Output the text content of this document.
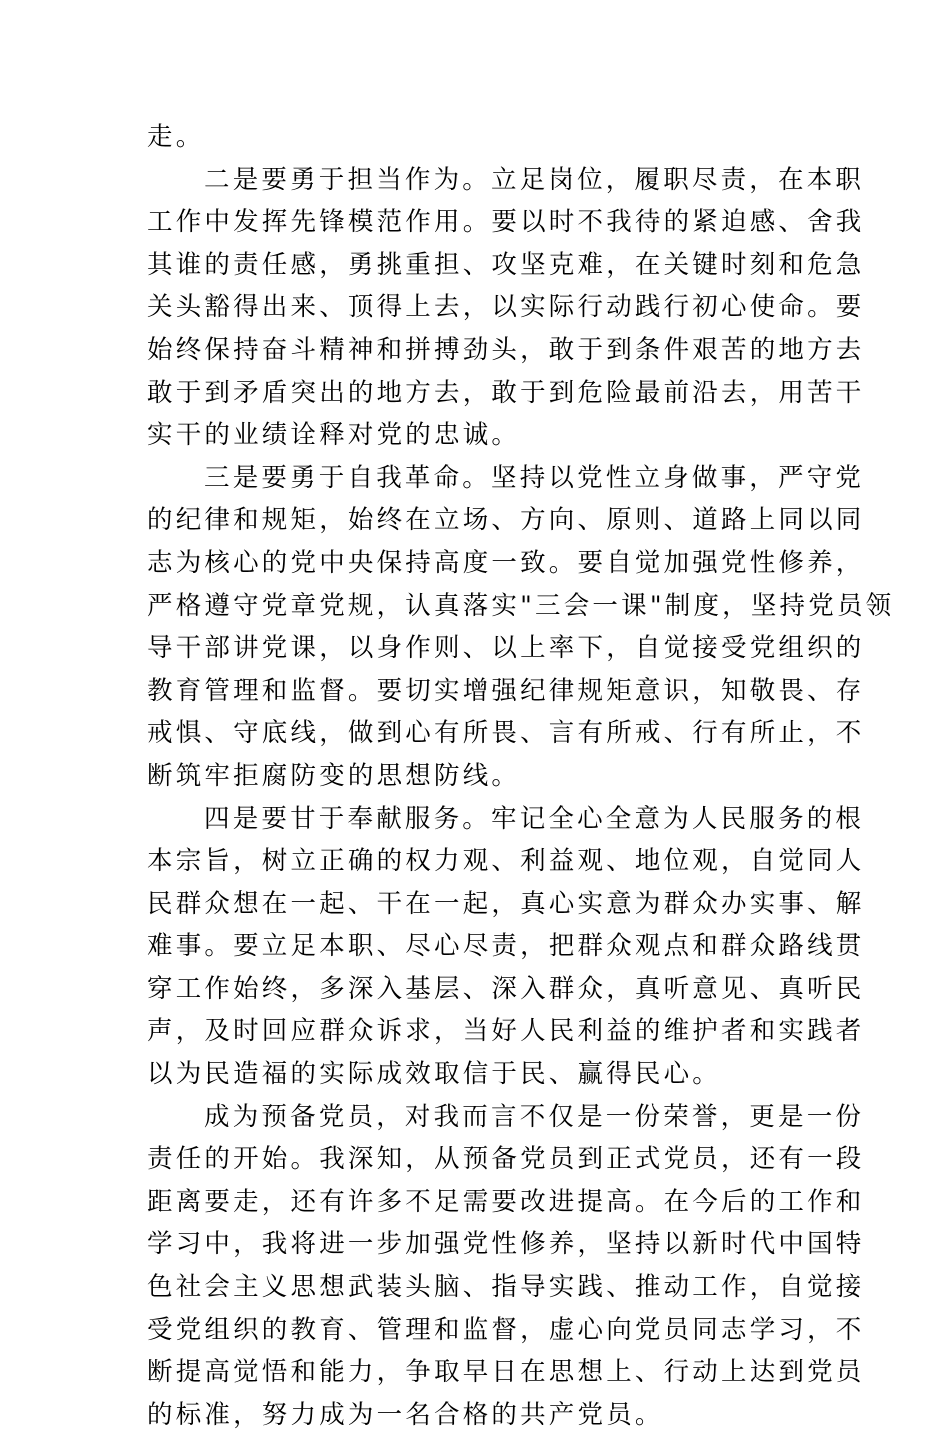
走。

二是要勇于担当作为。立足岗位，履职尽责，在本职
工作中发挥先锋模范作用。要以时不我待的紧迫感、舍我
其谁的责任感，勇挑重担、攻坚克难，在关键时刻和危急
关头豁得出来、顶得上去，以实际行动践行初心使命。要
始终保持奋斗精神和拼搏劲头，敢于到条件艰苦的地方去
敢于到矛盾突出的地方去，敢于到危险最前沿去，用苦干
实干的业绩诠释对党的忠诚。

三是要勇于自我革命。坚持以党性立身做事，严守党
的纪律和规矩，始终在立场、方向、原则、道路上同以同
志为核心的党中央保持高度一致。要自觉加强党性修养，
严格遵守党章党规，认真落实"三会一课"制度，坚持党员领
导干部讲党课，以身作则、以上率下，自觉接受党组织的
教育管理和监督。要切实增强纪律规矩意识，知敬畏、存
戒惧、守底线，做到心有所畏、言有所戒、行有所止，不
断筑牢拒腐防变的思想防线。

四是要甘于奉献服务。牢记全心全意为人民服务的根
本宗旨，树立正确的权力观、利益观、地位观，自觉同人
民群众想在一起、干在一起，真心实意为群众办实事、解
难事。要立足本职、尽心尽责，把群众观点和群众路线贯
穿工作始终，多深入基层、深入群众，真听意见、真听民
声，及时回应群众诉求，当好人民利益的维护者和实践者
以为民造福的实际成效取信于民、赢得民心。

成为预备党员，对我而言不仅是一份荣誉，更是一份
责任的开始。我深知，从预备党员到正式党员，还有一段
距离要走，还有许多不足需要改进提高。在今后的工作和
学习中，我将进一步加强党性修养，坚持以新时代中国特
色社会主义思想武装头脑、指导实践、推动工作，自觉接
受党组织的教育、管理和监督，虚心向党员同志学习，不
断提高觉悟和能力，争取早日在思想上、行动上达到党员
的标准，努力成为一名合格的共产党员。
